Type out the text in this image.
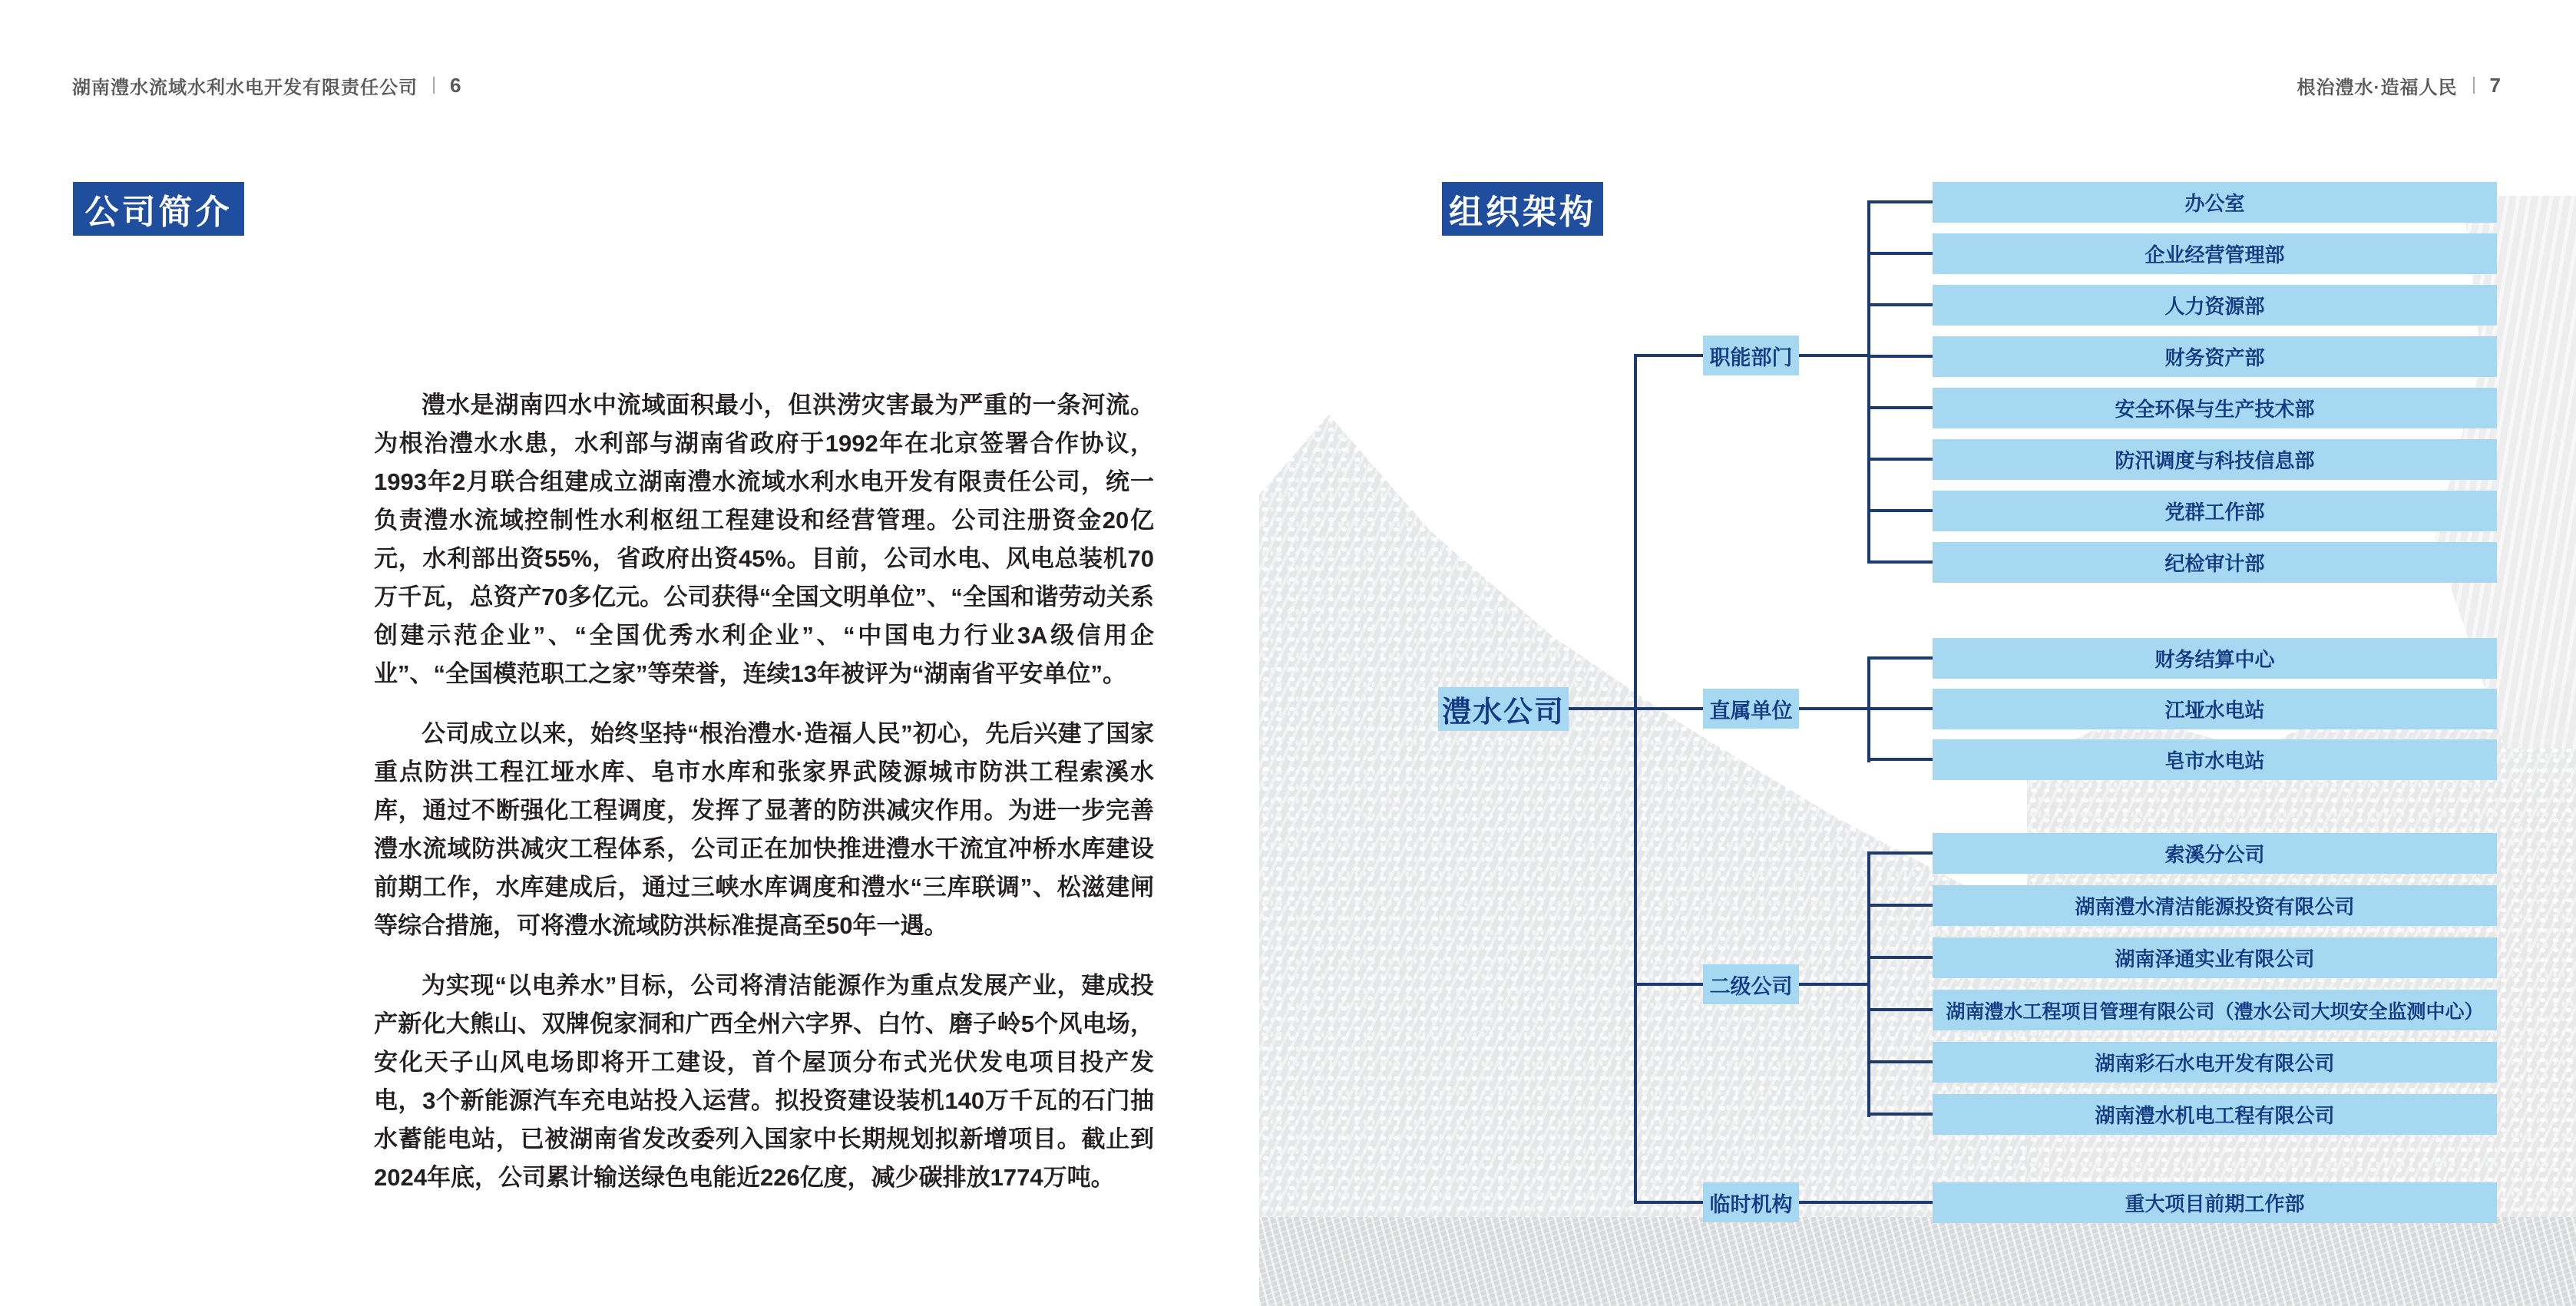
湖南澧水流域水利水电开发有限责任公司 6	根治澧水·造福人民 7
公司简介

澧水是湖南四水中流域面积最小，但洪涝灾害最为严重的一条河流。为根治澧水水患，水利部与湖南省政府于1992年在北京签署合作协议，1993年2月联合组建成立湖南澧水流域水利水电开发有限责任公司，统一负责澧水流域控制性水利枢纽工程建设和经营管理。公司注册资金20亿元，水利部出资55%，省政府出资45%。目前，公司水电、风电总装机70万千瓦，总资产70多亿元。公司获得“全国文明单位”、“全国和谐劳动关系创建示范企业”、“全国优秀水利企业”、“中国电力行业3A级信用企业”、“全国模范职工之家”等荣誉，连续13年被评为“湖南省平安单位”。

公司成立以来，始终坚持“根治澧水·造福人民”初心，先后兴建了国家重点防洪工程江垭水库、皂市水库和张家界武陵源城市防洪工程索溪水库，通过不断强化工程调度，发挥了显著的防洪减灾作用。为进一步完善澧水流域防洪减灾工程体系，公司正在加快推进澧水干流宜冲桥水库建设前期工作，水库建成后，通过三峡水库调度和澧水“三库联调”、松滋建闸等综合措施，可将澧水流域防洪标准提高至50年一遇。

为实现“以电养水”目标，公司将清洁能源作为重点发展产业，建成投产新化大熊山、双牌倪家洞和广西全州六字界、白竹、磨子岭5个风电场，安化天子山风电场即将开工建设，首个屋顶分布式光伏发电项目投产发电，3个新能源汽车充电站投入运营。拟投资建设装机140万千瓦的石门抽水蓄能电站，已被湖南省发改委列入国家中长期规划拟新增项目。截止到2024年底，公司累计输送绿色电能近226亿度，减少碳排放1774万吨。

组织架构
澧水公司
职能部门
直属单位
二级公司
临时机构
办公室
企业经营管理部
人力资源部
财务资产部
安全环保与生产技术部
防汛调度与科技信息部
党群工作部
纪检审计部
财务结算中心
江垭水电站
皂市水电站
索溪分公司
湖南澧水清洁能源投资有限公司
湖南泽通实业有限公司
湖南澧水工程项目管理有限公司（澧水公司大坝安全监测中心）
湖南彩石水电开发有限公司
湖南澧水机电工程有限公司
重大项目前期工作部
